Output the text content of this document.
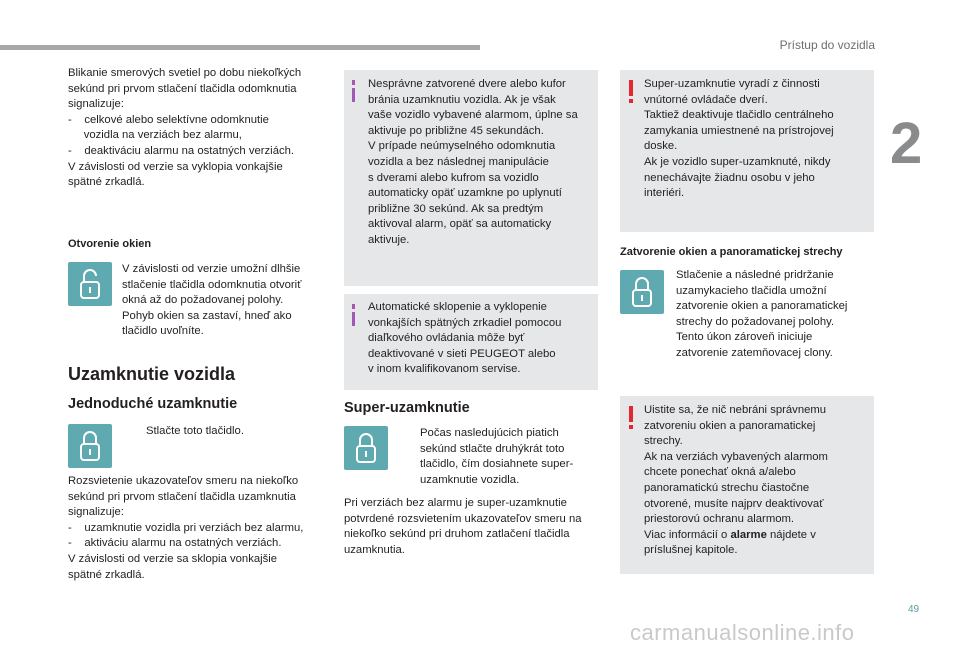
Prístup do vozidla
2

Blikanie smerových svetiel po dobu niekoľkých
sekúnd pri prvom stlačení tlačidla odomknutia
signalizuje:
-    celkové alebo selektívne odomknutie
vozidla na verziách bez alarmu,
-    deaktiváciu alarmu na ostatných verziách.
V závislosti od verzie sa vyklopia vonkajšie
spätné zrkadlá.

Otvorenie okien

V závislosti od verzie umožní dlhšie
stlačenie tlačidla odomknutia otvoriť
okná až do požadovanej polohy.
Pohyb okien sa zastaví, hneď ako
tlačidlo uvoľníte.

Uzamknutie vozidla
Jednoduché uzamknutie

Stlačte toto tlačidlo.

Rozsvietenie ukazovateľov smeru na niekoľko
sekúnd pri prvom stlačení tlačidla uzamknutia
signalizuje:
-    uzamknutie vozidla pri verziách bez alarmu,
-    aktiváciu alarmu na ostatných verziách.
V závislosti od verzie sa sklopia vonkajšie
spätné zrkadlá.

Nesprávne zatvorené dvere alebo kufor
bránia uzamknutiu vozidla. Ak je však
vaše vozidlo vybavené alarmom, úplne sa
aktivuje po približne 45 sekundách.
V prípade neúmyselného odomknutia
vozidla a bez následnej manipulácie
s dverami alebo kufrom sa vozidlo
automaticky opäť uzamkne po uplynutí
približne 30 sekúnd. Ak sa predtým
aktivoval alarm, opäť sa automaticky
aktivuje.

Automatické sklopenie a vyklopenie
vonkajších spätných zrkadiel pomocou
diaľkového ovládania môže byť
deaktivované v sieti PEUGEOT alebo
v inom kvalifikovanom servise.

Super-uzamknutie

Počas nasledujúcich piatich
sekúnd stlačte druhýkrát toto
tlačidlo, čím dosiahnete super-
uzamknutie vozidla.

Pri verziách bez alarmu je super-uzamknutie
potvrdené rozsvietením ukazovateľov smeru na
niekoľko sekúnd pri druhom zatlačení tlačidla
uzamknutia.

Super-uzamknutie vyradí z činnosti
vnútorné ovládače dverí.
Taktiež deaktivuje tlačidlo centrálneho
zamykania umiestnené na prístrojovej
doske.
Ak je vozidlo super-uzamknuté, nikdy
nenechávajte žiadnu osobu v jeho
interiéri.

Zatvorenie okien a panoramatickej strechy

Stlačenie a následné pridržanie
uzamykacieho tlačidla umožní
zatvorenie okien a panoramatickej
strechy do požadovanej polohy.
Tento úkon zároveň iniciuje
zatvorenie zatemňovacej clony.

Uistite sa, že nič nebráni správnemu
zatvoreniu okien a panoramatickej
strechy.
Ak na verziách vybavených alarmom
chcete ponechať okná a/alebo
panoramatickú strechu čiastočne
otvorené, musíte najprv deaktivovať
priestorovú ochranu alarmom.
Viac informácií o alarme nájdete v
príslušnej kapitole.

49
carmanualsonline.info
